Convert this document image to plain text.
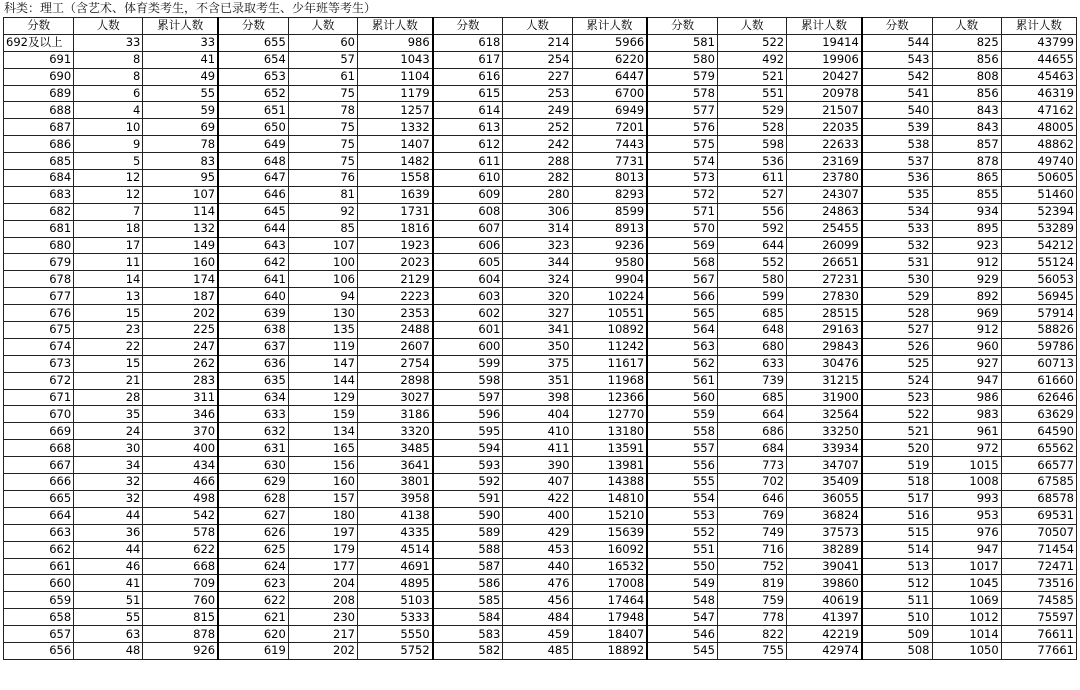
科类：理工（含艺术、体育类考生，不含已录取考生、少年班等考生）
分数	人数	累计人数	分数	人数	累计人数	分数	人数	累计人数	分数	人数	累计人数	分数	人数	累计人数
692及以上	33	33	655	60	986	618	214	5966	581	522	19414	544	825	43799
691	8	41	654	57	1043	617	254	6220	580	492	19906	543	856	44655
690	8	49	653	61	1104	616	227	6447	579	521	20427	542	808	45463
689	6	55	652	75	1179	615	253	6700	578	551	20978	541	856	46319
688	4	59	651	78	1257	614	249	6949	577	529	21507	540	843	47162
687	10	69	650	75	1332	613	252	7201	576	528	22035	539	843	48005
686	9	78	649	75	1407	612	242	7443	575	598	22633	538	857	48862
685	5	83	648	75	1482	611	288	7731	574	536	23169	537	878	49740
684	12	95	647	76	1558	610	282	8013	573	611	23780	536	865	50605
683	12	107	646	81	1639	609	280	8293	572	527	24307	535	855	51460
682	7	114	645	92	1731	608	306	8599	571	556	24863	534	934	52394
681	18	132	644	85	1816	607	314	8913	570	592	25455	533	895	53289
680	17	149	643	107	1923	606	323	9236	569	644	26099	532	923	54212
679	11	160	642	100	2023	605	344	9580	568	552	26651	531	912	55124
678	14	174	641	106	2129	604	324	9904	567	580	27231	530	929	56053
677	13	187	640	94	2223	603	320	10224	566	599	27830	529	892	56945
676	15	202	639	130	2353	602	327	10551	565	685	28515	528	969	57914
675	23	225	638	135	2488	601	341	10892	564	648	29163	527	912	58826
674	22	247	637	119	2607	600	350	11242	563	680	29843	526	960	59786
673	15	262	636	147	2754	599	375	11617	562	633	30476	525	927	60713
672	21	283	635	144	2898	598	351	11968	561	739	31215	524	947	61660
671	28	311	634	129	3027	597	398	12366	560	685	31900	523	986	62646
670	35	346	633	159	3186	596	404	12770	559	664	32564	522	983	63629
669	24	370	632	134	3320	595	410	13180	558	686	33250	521	961	64590
668	30	400	631	165	3485	594	411	13591	557	684	33934	520	972	65562
667	34	434	630	156	3641	593	390	13981	556	773	34707	519	1015	66577
666	32	466	629	160	3801	592	407	14388	555	702	35409	518	1008	67585
665	32	498	628	157	3958	591	422	14810	554	646	36055	517	993	68578
664	44	542	627	180	4138	590	400	15210	553	769	36824	516	953	69531
663	36	578	626	197	4335	589	429	15639	552	749	37573	515	976	70507
662	44	622	625	179	4514	588	453	16092	551	716	38289	514	947	71454
661	46	668	624	177	4691	587	440	16532	550	752	39041	513	1017	72471
660	41	709	623	204	4895	586	476	17008	549	819	39860	512	1045	73516
659	51	760	622	208	5103	585	456	17464	548	759	40619	511	1069	74585
658	55	815	621	230	5333	584	484	17948	547	778	41397	510	1012	75597
657	63	878	620	217	5550	583	459	18407	546	822	42219	509	1014	76611
656	48	926	619	202	5752	582	485	18892	545	755	42974	508	1050	77661
